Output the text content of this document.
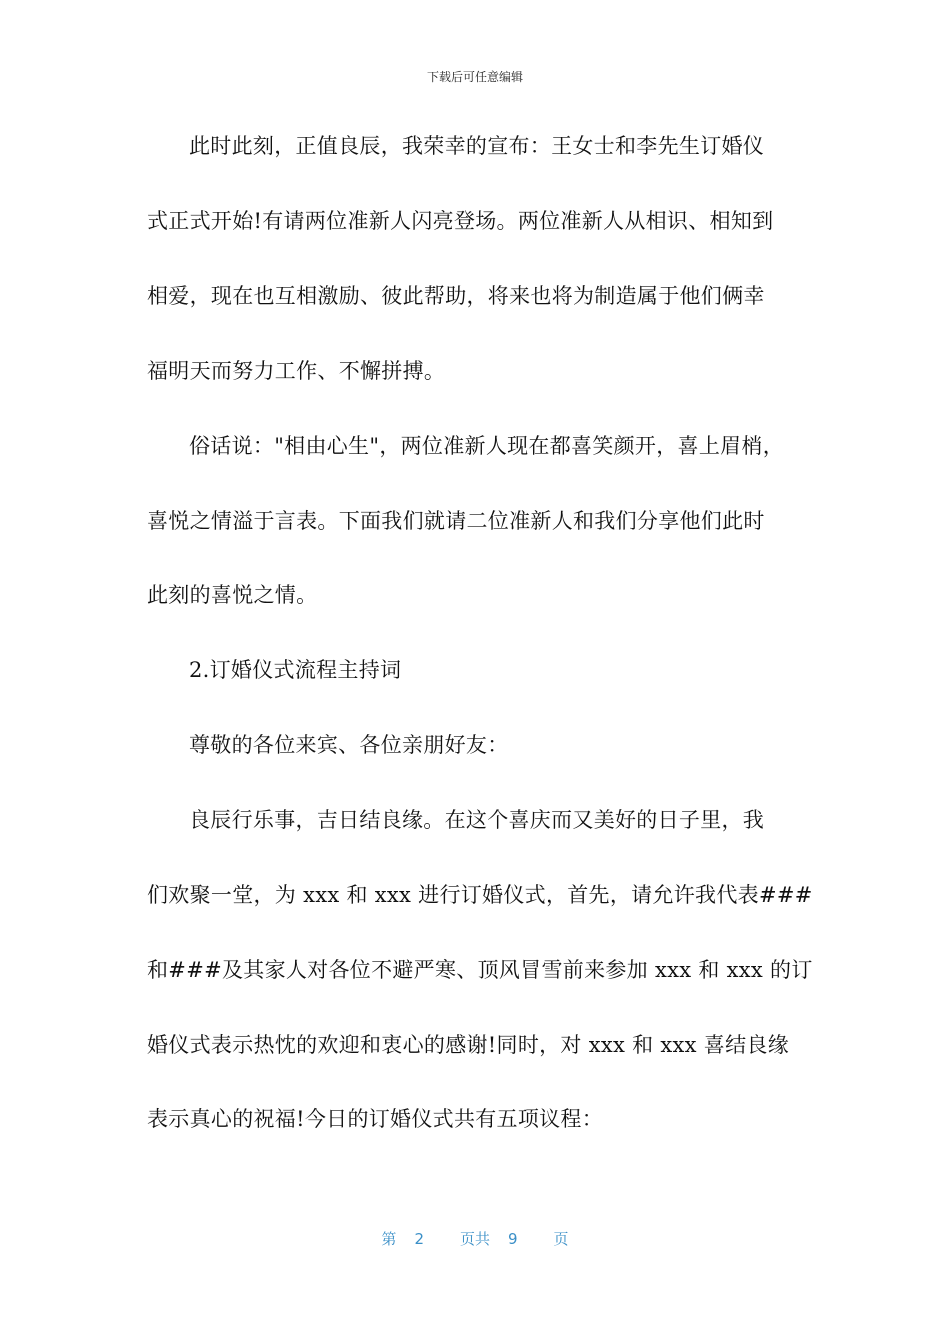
下载后可任意编辑
此时此刻，正值良辰，我荣幸的宣布：王女士和李先生订婚仪
式正式开始!有请两位准新人闪亮登场。两位准新人从相识、相知到
相爱，现在也互相激励、彼此帮助，将来也将为制造属于他们俩幸
福明天而努力工作、不懈拼搏。
俗话说："相由心生"，两位准新人现在都喜笑颜开，喜上眉梢，
喜悦之情溢于言表。下面我们就请二位准新人和我们分享他们此时
此刻的喜悦之情。
2.订婚仪式流程主持词
尊敬的各位来宾、各位亲朋好友：
良辰行乐事，吉日结良缘。在这个喜庆而又美好的日子里，我
们欢聚一堂，为 xxx 和 xxx 进行订婚仪式，首先，请允许我代表###
和###及其家人对各位不避严寒、顶风冒雪前来参加 xxx 和 xxx 的订
婚仪式表示热忱的欢迎和衷心的感谢!同时，对 xxx 和 xxx 喜结良缘
表示真心的祝福!今日的订婚仪式共有五项议程：
第 2 页共 9 页
